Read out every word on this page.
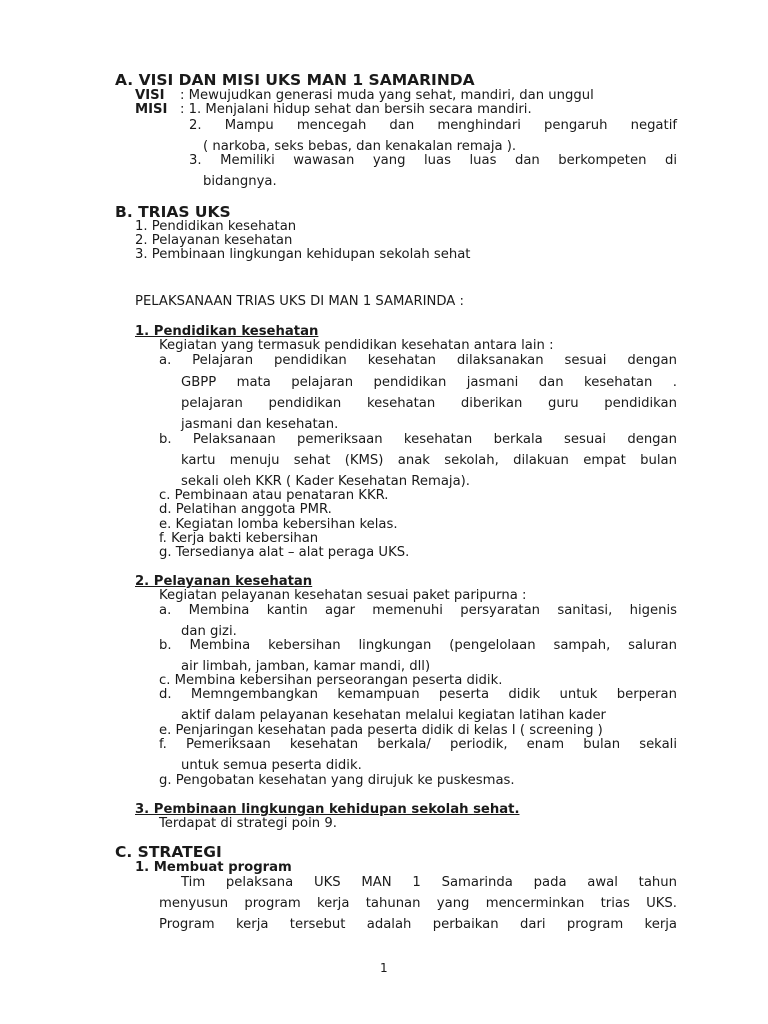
A. VISI DAN MISI UKS MAN 1 SAMARINDA
VISI : Mewujudkan generasi muda yang sehat, mandiri, dan unggul
MISI : 1. Menjalani hidup sehat dan bersih secara mandiri.
2. Mampu mencegah dan menghindari pengaruh negatif
( narkoba, seks bebas, dan kenakalan remaja ).
3. Memiliki wawasan yang luas luas dan berkompeten di
bidangnya.
B. TRIAS UKS
1. Pendidikan kesehatan
2. Pelayanan kesehatan
3. Pembinaan lingkungan kehidupan sekolah sehat
PELAKSANAAN TRIAS UKS DI MAN 1 SAMARINDA :
1. Pendidikan kesehatan
Kegiatan yang termasuk pendidikan kesehatan antara lain :
a. Pelajaran pendidikan kesehatan dilaksanakan sesuai dengan
GBPP mata pelajaran pendidikan jasmani dan kesehatan .
pelajaran pendidikan kesehatan diberikan guru pendidikan
jasmani dan kesehatan.
b. Pelaksanaan pemeriksaan kesehatan berkala sesuai dengan
kartu menuju sehat (KMS) anak sekolah, dilakuan empat bulan
sekali oleh KKR ( Kader Kesehatan Remaja).
c. Pembinaan atau penataran KKR.
d. Pelatihan anggota PMR.
e. Kegiatan lomba kebersihan kelas.
f. Kerja bakti kebersihan
g. Tersedianya alat – alat peraga UKS.
2. Pelayanan kesehatan
Kegiatan pelayanan kesehatan sesuai paket paripurna :
a. Membina kantin agar memenuhi persyaratan sanitasi, higenis
dan gizi.
b. Membina kebersihan lingkungan (pengelolaan sampah, saluran
air limbah, jamban, kamar mandi, dll)
c. Membina kebersihan perseorangan peserta didik.
d. Memngembangkan kemampuan peserta didik untuk berperan
aktif dalam pelayanan kesehatan melalui kegiatan latihan kader
e. Penjaringan kesehatan pada peserta didik di kelas I ( screening )
f. Pemeriksaan kesehatan berkala/ periodik, enam bulan sekali
untuk semua peserta didik.
g. Pengobatan kesehatan yang dirujuk ke puskesmas.
3. Pembinaan lingkungan kehidupan sekolah sehat.
Terdapat di strategi poin 9.
C. STRATEGI
1. Membuat program
Tim pelaksana UKS MAN 1 Samarinda pada awal tahun
menyusun program kerja tahunan yang mencerminkan trias UKS.
Program kerja tersebut adalah perbaikan dari program kerja
1
